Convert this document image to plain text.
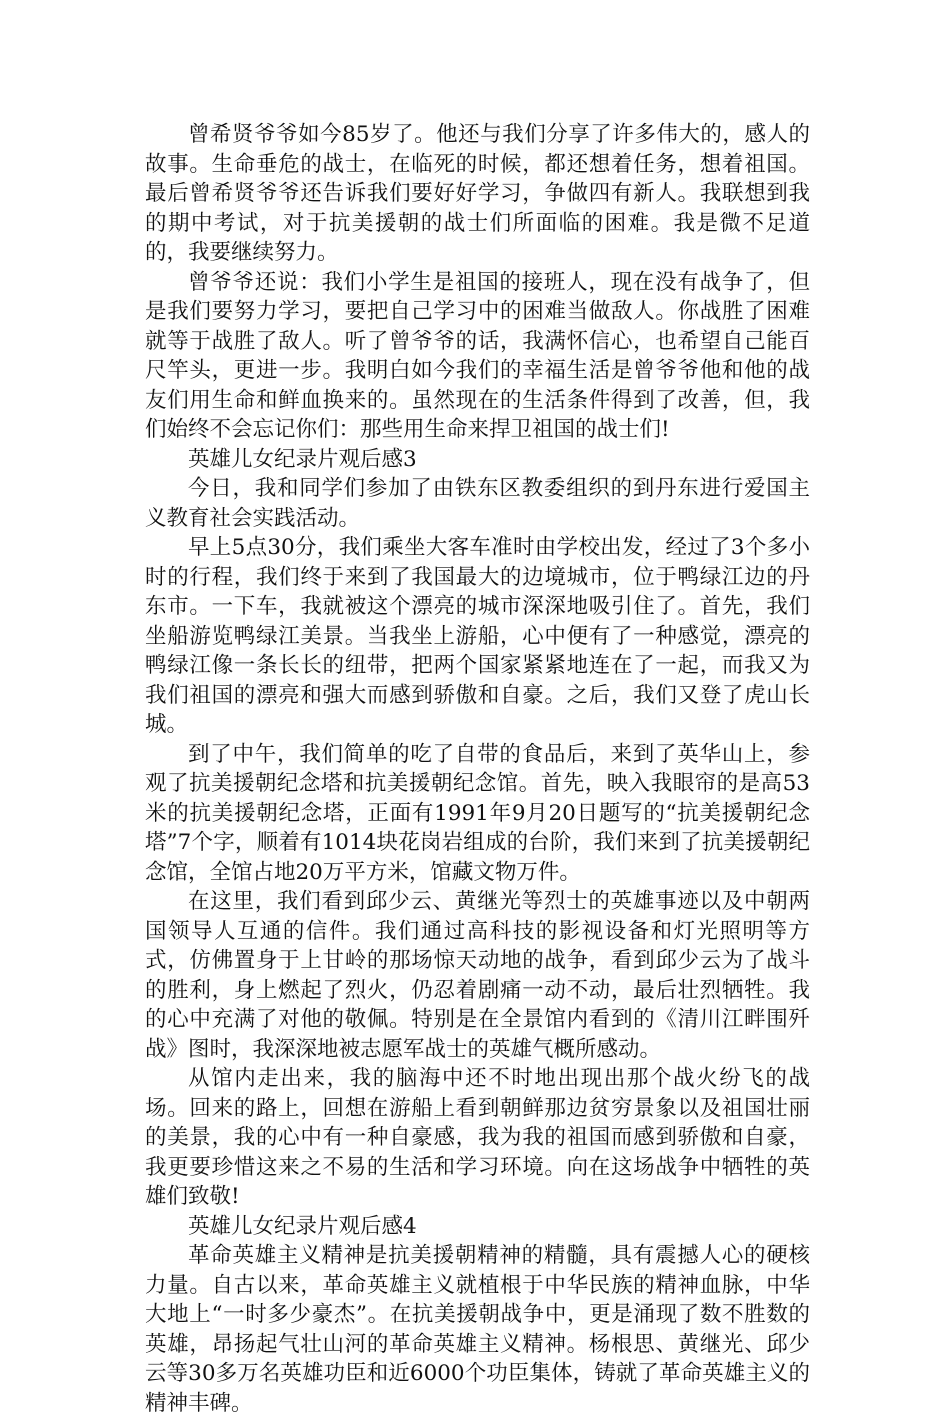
曾希贤爷爷如今85岁了。他还与我们分享了许多伟大的，感人的故事。生命垂危的战士，在临死的时候，都还想着任务，想着祖国。最后曾希贤爷爷还告诉我们要好好学习，争做四有新人。我联想到我的期中考试，对于抗美援朝的战士们所面临的困难。我是微不足道的，我要继续努力。

曾爷爷还说：我们小学生是祖国的接班人，现在没有战争了，但是我们要努力学习，要把自己学习中的困难当做敌人。你战胜了困难就等于战胜了敌人。听了曾爷爷的话，我满怀信心，也希望自己能百尺竿头，更进一步。我明白如今我们的幸福生活是曾爷爷他和他的战友们用生命和鲜血换来的。虽然现在的生活条件得到了改善，但，我们始终不会忘记你们：那些用生命来捍卫祖国的战士们!

英雄儿女纪录片观后感3

今日，我和同学们参加了由铁东区教委组织的到丹东进行爱国主义教育社会实践活动。

早上5点30分，我们乘坐大客车准时由学校出发，经过了3个多小时的行程，我们终于来到了我国最大的边境城市，位于鸭绿江边的丹东市。一下车，我就被这个漂亮的城市深深地吸引住了。首先，我们坐船游览鸭绿江美景。当我坐上游船，心中便有了一种感觉，漂亮的鸭绿江像一条长长的纽带，把两个国家紧紧地连在了一起，而我又为我们祖国的漂亮和强大而感到骄傲和自豪。之后，我们又登了虎山长城。

到了中午，我们简单的吃了自带的食品后，来到了英华山上，参观了抗美援朝纪念塔和抗美援朝纪念馆。首先，映入我眼帘的是高53米的抗美援朝纪念塔，正面有1991年9月20日题写的“抗美援朝纪念塔”7个字，顺着有1014块花岗岩组成的台阶，我们来到了抗美援朝纪念馆，全馆占地20万平方米，馆藏文物万件。

在这里，我们看到邱少云、黄继光等烈士的英雄事迹以及中朝两国领导人互通的信件。我们通过高科技的影视设备和灯光照明等方式，仿佛置身于上甘岭的那场惊天动地的战争，看到邱少云为了战斗的胜利，身上燃起了烈火，仍忍着剧痛一动不动，最后壮烈牺牲。我的心中充满了对他的敬佩。特别是在全景馆内看到的《清川江畔围歼战》图时，我深深地被志愿军战士的英雄气概所感动。

从馆内走出来，我的脑海中还不时地出现出那个战火纷飞的战场。回来的路上，回想在游船上看到朝鲜那边贫穷景象以及祖国壮丽的美景，我的心中有一种自豪感，我为我的祖国而感到骄傲和自豪，我更要珍惜这来之不易的生活和学习环境。向在这场战争中牺牲的英雄们致敬!

英雄儿女纪录片观后感4

革命英雄主义精神是抗美援朝精神的精髓，具有震撼人心的硬核力量。自古以来，革命英雄主义就植根于中华民族的精神血脉，中华大地上“一时多少豪杰”。在抗美援朝战争中，更是涌现了数不胜数的英雄，昂扬起气壮山河的革命英雄主义精神。杨根思、黄继光、邱少云等30多万名英雄功臣和近6000个功臣集体，铸就了革命英雄主义的精神丰碑。
